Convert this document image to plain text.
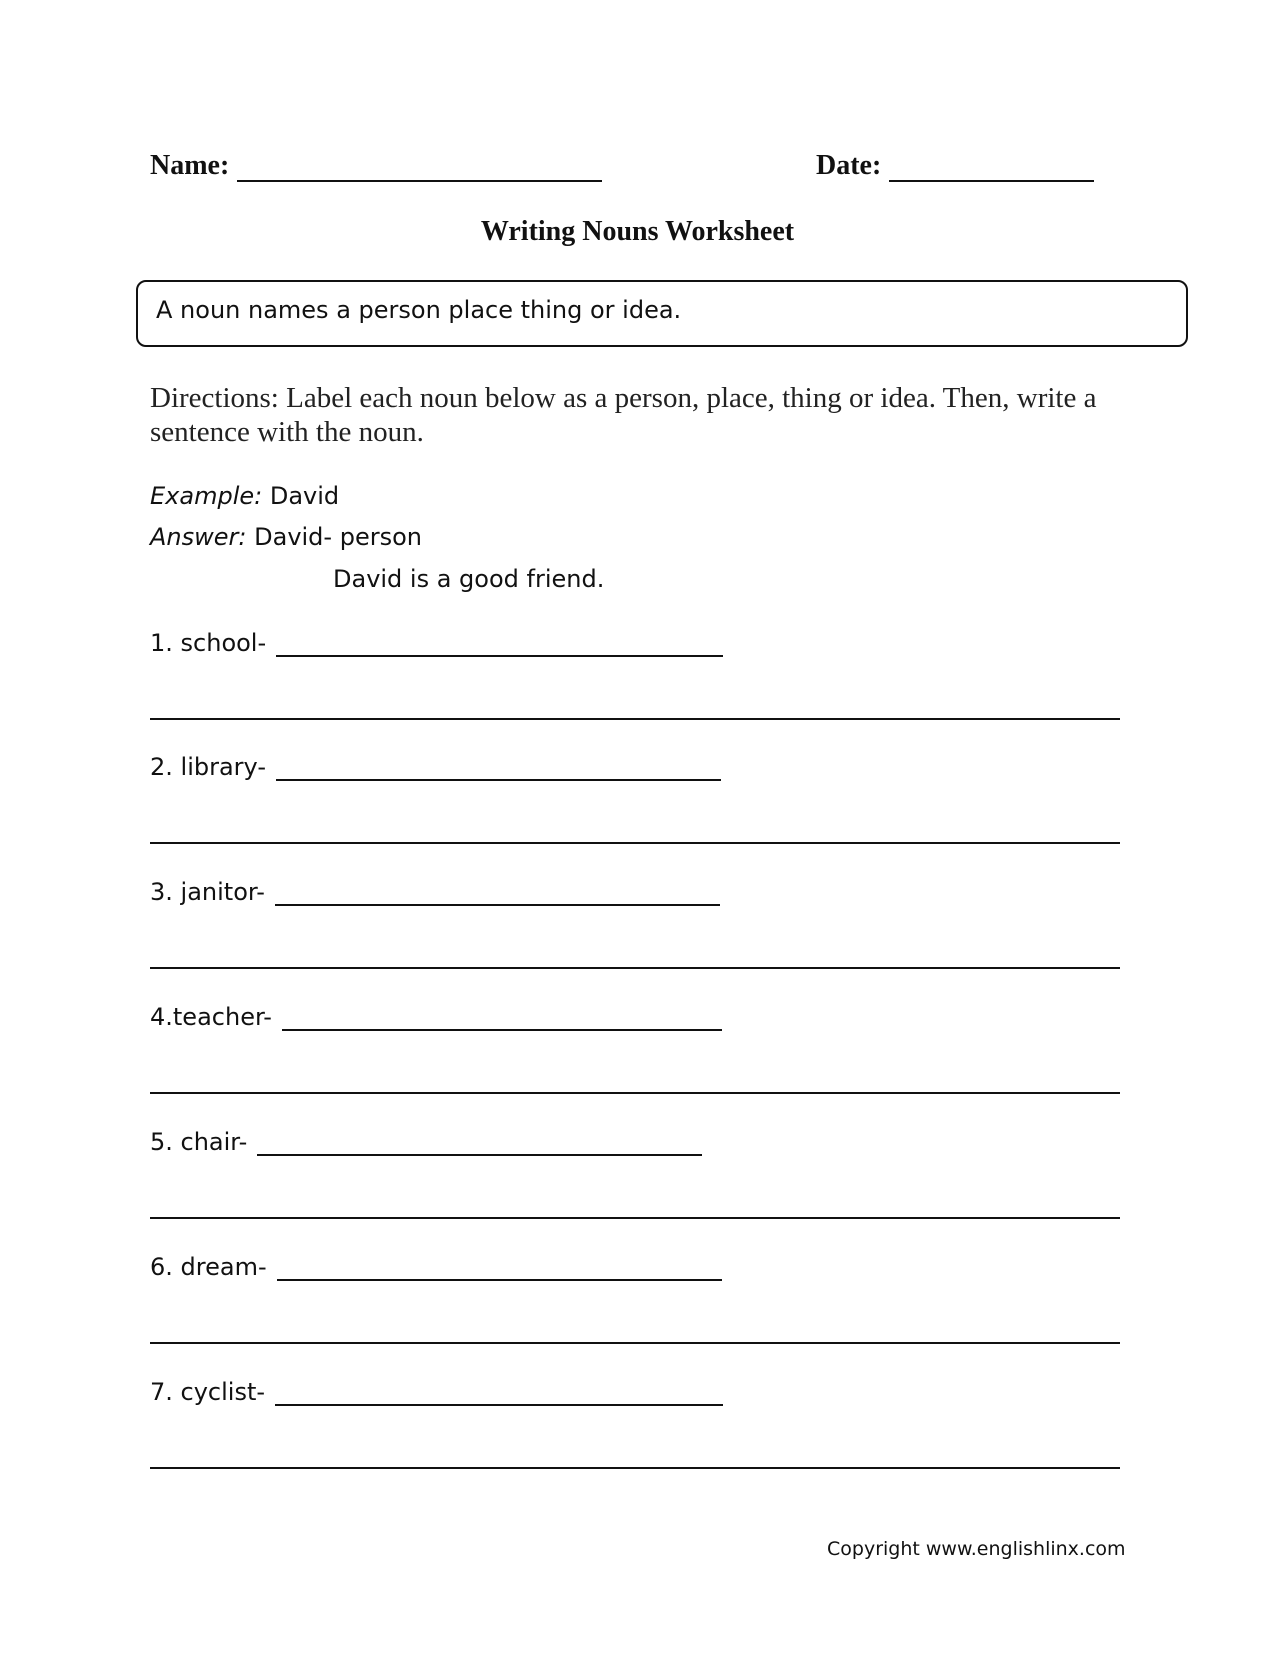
Name:	Date:
Writing Nouns Worksheet
A noun names a person place thing or idea.
Directions: Label each noun below as a person, place, thing or idea. Then, write a sentence with the noun.
Example: David
Answer: David- person
David is a good friend.
1. school-
2. library-
3. janitor-
4.teacher-
5. chair-
6. dream-
7. cyclist-
Copyright www.englishlinx.com
